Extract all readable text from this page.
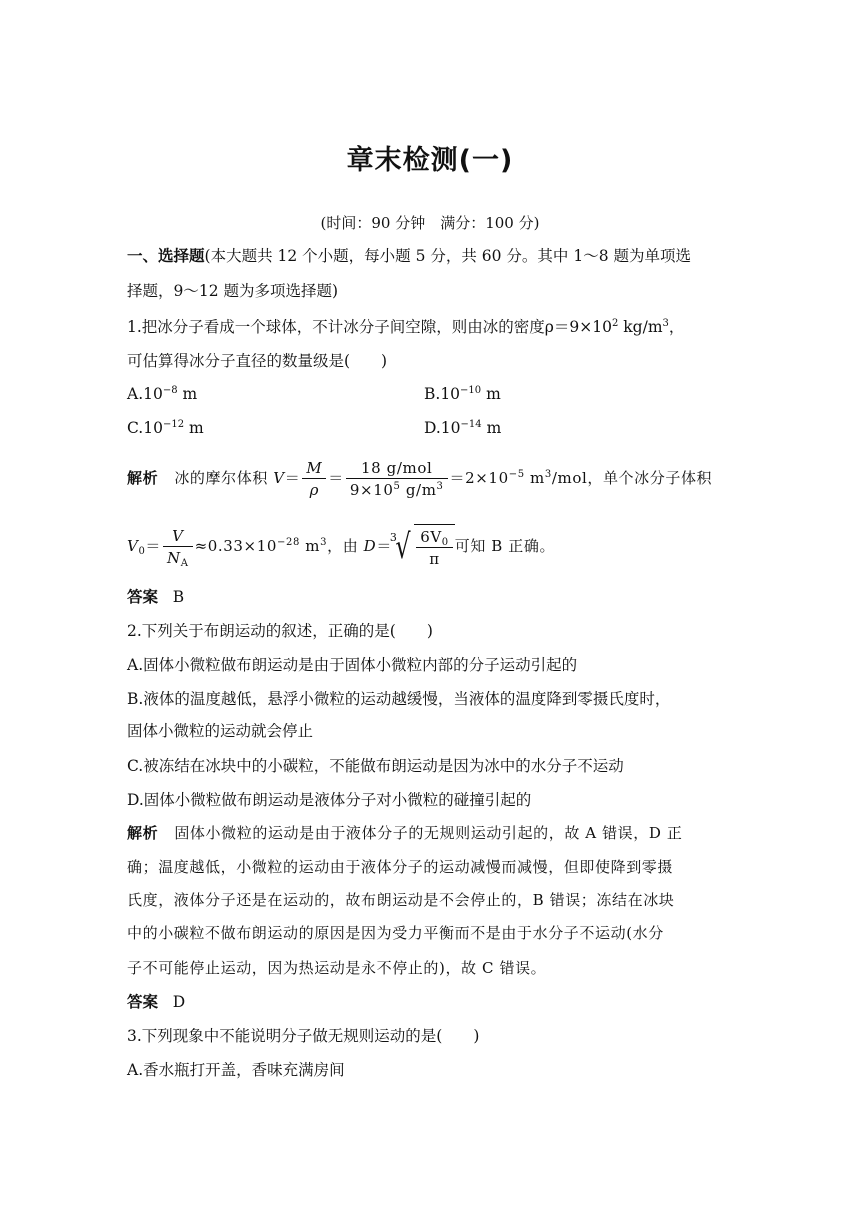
章末检测(一)
(时间：90 分钟　满分：100 分)
一、选择题(本大题共 12 个小题，每小题 5 分，共 60 分。其中 1～8 题为单项选
择题，9～12 题为多项选择题)
1.把冰分子看成一个球体，不计冰分子间空隙，则由冰的密度$\rho=9\times 10^2$ $kg/m^3$，
可估算得冰分子直径的数量级是(　　)
$A.10^{-8}$ m	$B.10^{-10}$ m
$C.10^{-12}$ m	$D.10^{-14}$ m
解析 冰的摩尔体积 $V= \frac{M}{\rho} = \frac{\text{18 g/mol}}{9\times 10^5 g/m^3} =2\times 10^{-5}$ $m^3$/mol，单个冰分子体积
$V_0= \frac{V}{N_A} \approx 0.33\times 10^{-28}$ $m^3$，由 D＝
3
√ $\frac{6V_0}{\pi}$ 可知 B 正确。
答案 B
2.下列关于布朗运动的叙述，正确的是(　　)
A.固体小微粒做布朗运动是由于固体小微粒内部的分子运动引起的
B.液体的温度越低，悬浮小微粒的运动越缓慢，当液体的温度降到零摄氏度时，
固体小微粒的运动就会停止
C.被冻结在冰块中的小碳粒，不能做布朗运动是因为冰中的水分子不运动
D.固体小微粒做布朗运动是液体分子对小微粒的碰撞引起的
解析 固体小微粒的运动是由于液体分子的无规则运动引起的，故 A 错误，D 正
确；温度越低，小微粒的运动由于液体分子的运动减慢而减慢，但即使降到零摄
氏度，液体分子还是在运动的，故布朗运动是不会停止的，B 错误；冻结在冰块
中的小碳粒不做布朗运动的原因是因为受力平衡而不是由于水分子不运动(水分
子不可能停止运动，因为热运动是永不停止的)，故 C 错误。
答案 D
3.下列现象中不能说明分子做无规则运动的是(　　)
A.香水瓶打开盖，香味充满房间
